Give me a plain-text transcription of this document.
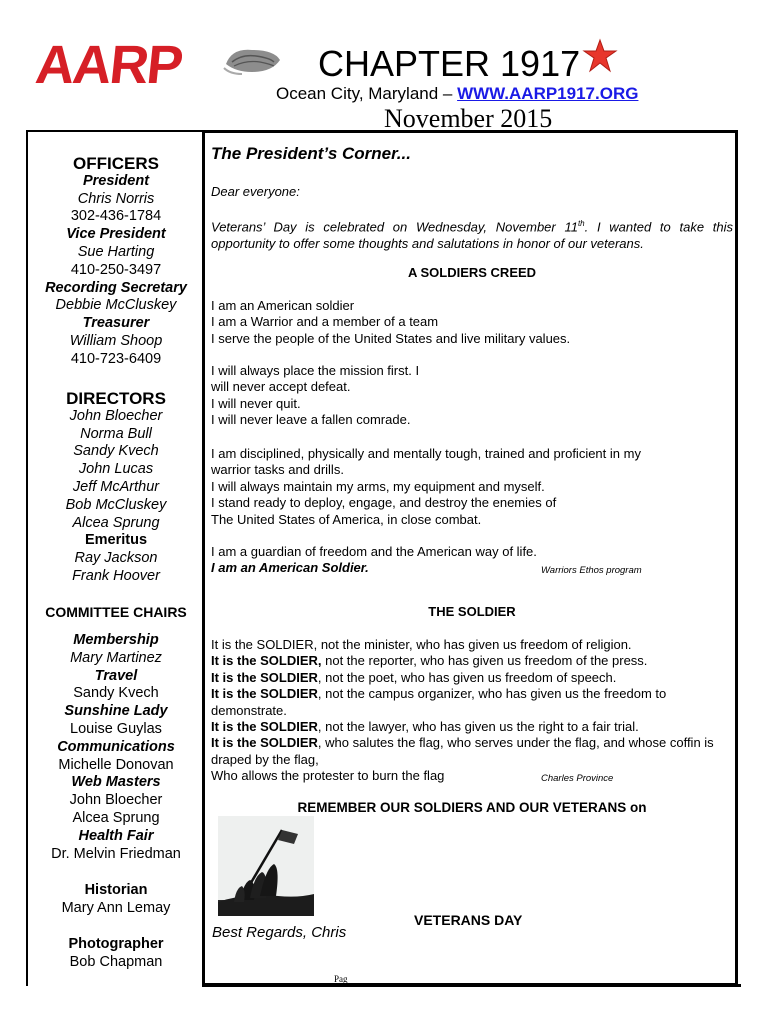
AARP	CHAPTER 1917
Ocean City, Maryland – WWW.AARP1917.ORG
November 2015
OFFICERS
President
Chris Norris
302-436-1784
Vice President
Sue Harting
410-250-3497
Recording Secretary
Debbie McCluskey
Treasurer
William Shoop
410-723-6409
DIRECTORS
John Bloecher
Norma Bull
Sandy Kvech
John Lucas
Jeff McArthur
Bob McCluskey
Alcea Sprung
Emeritus
Ray Jackson
Frank Hoover
COMMITTEE CHAIRS
Membership
Mary Martinez
Travel
Sandy Kvech
Sunshine Lady
Louise Guylas
Communications
Michelle Donovan
Web Masters
John Bloecher
Alcea Sprung
Health Fair
Dr. Melvin Friedman
Historian
Mary Ann Lemay
Photographer
Bob Chapman
The President’s Corner...
Dear everyone:
Veterans’ Day is celebrated on Wednesday, November 11th. I wanted to take this opportunity to offer some thoughts and salutations in honor of our veterans.
A SOLDIERS CREED
I am an American soldier
I am a Warrior and a member of a team
I serve the people of the United States and live military values.
I will always place the mission first. I
will never accept defeat.
I will never quit.
I will never leave a fallen comrade.
I am disciplined, physically and mentally tough, trained and proficient in my
warrior tasks and drills.
I will always maintain my arms, my equipment and myself.
I stand ready to deploy, engage, and destroy the enemies of
The United States of America, in close combat.
I am a guardian of freedom and the American way of life.
I am an American Soldier.	Warriors Ethos program
THE SOLDIER
It is the SOLDIER, not the minister, who has given us freedom of religion.
It is the SOLDIER, not the reporter, who has given us freedom of the press.
It is the SOLDIER, not the poet, who has given us freedom of speech.
It is the SOLDIER, not the campus organizer, who has given us the freedom to demonstrate.
It is the SOLDIER, not the lawyer, who has given us the right to a fair trial.
It is the SOLDIER, who salutes the flag, who serves under the flag, and whose coffin is draped by the flag,
Who allows the protester to burn the flag	Charles Province
REMEMBER OUR SOLDIERS AND OUR VETERANS on
Best Regards, Chris
VETERANS DAY
Pag
